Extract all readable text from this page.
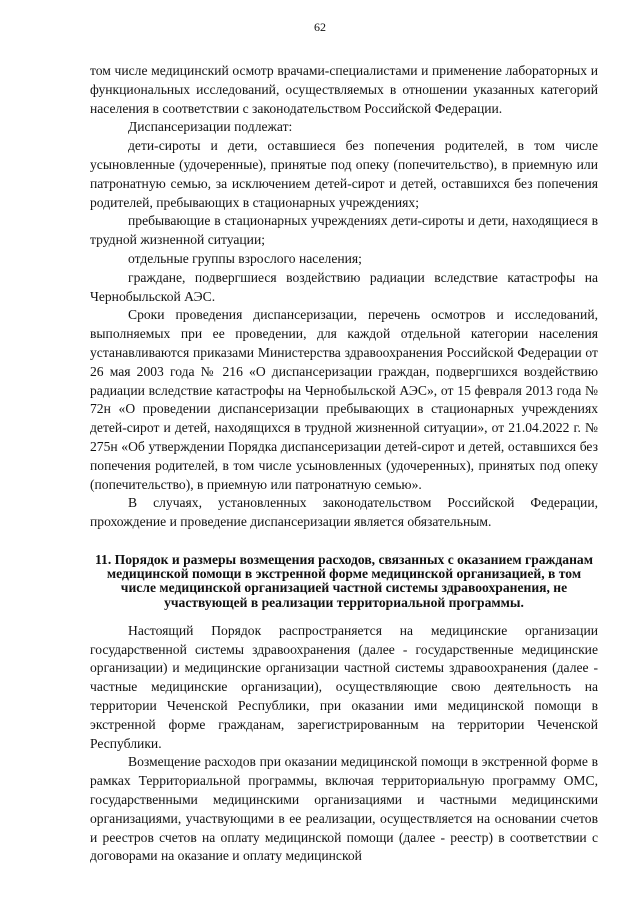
62

том числе медицинский осмотр врачами-специалистами и применение лабораторных и функциональных исследований, осуществляемых в отношении указанных категорий населения в соответствии с законодательством Российской Федерации.

Диспансеризации подлежат:

дети-сироты и дети, оставшиеся без попечения родителей, в том числе усыновленные (удочеренные), принятые под опеку (попечительство), в приемную или патронатную семью, за исключением детей-сирот и детей, оставшихся без попечения родителей, пребывающих в стационарных учреждениях;

пребывающие в стационарных учреждениях дети-сироты и дети, находящиеся в трудной жизненной ситуации;

отдельные группы взрослого населения;

граждане, подвергшиеся воздействию радиации вследствие катастрофы на Чернобыльской АЭС.

Сроки проведения диспансеризации, перечень осмотров и исследований, выполняемых при ее проведении, для каждой отдельной категории населения устанавливаются приказами Министерства здравоохранения Российской Федерации от 26 мая 2003 года № 216 «О диспансеризации граждан, подвергшихся воздействию радиации вследствие катастрофы на Чернобыльской АЭС», от 15 февраля 2013 года № 72н «О проведении диспансеризации пребывающих в стационарных учреждениях детей-сирот и детей, находящихся в трудной жизненной ситуации», от 21.04.2022 г. № 275н «Об утверждении Порядка диспансеризации детей-сирот и детей, оставшихся без попечения родителей, в том числе усыновленных (удочеренных), принятых под опеку (попечительство), в приемную или патронатную семью».

В случаях, установленных законодательством Российской Федерации, прохождение и проведение диспансеризации является обязательным.

11. Порядок и размеры возмещения расходов, связанных с оказанием гражданам медицинской помощи в экстренной форме медицинской организацией, в том числе медицинской организацией частной системы здравоохранения, не участвующей в реализации территориальной программы.

Настоящий Порядок распространяется на медицинские организации государственной системы здравоохранения (далее - государственные медицинские организации) и медицинские организации частной системы здравоохранения (далее - частные медицинские организации), осуществляющие свою деятельность на территории Чеченской Республики, при оказании ими медицинской помощи в экстренной форме гражданам, зарегистрированным на территории Чеченской Республики.

Возмещение расходов при оказании медицинской помощи в экстренной форме в рамках Территориальной программы, включая территориальную программу ОМС, государственными медицинскими организациями и частными медицинскими организациями, участвующими в ее реализации, осуществляется на основании счетов и реестров счетов на оплату медицинской помощи (далее - реестр) в соответствии с договорами на оказание и оплату медицинской
